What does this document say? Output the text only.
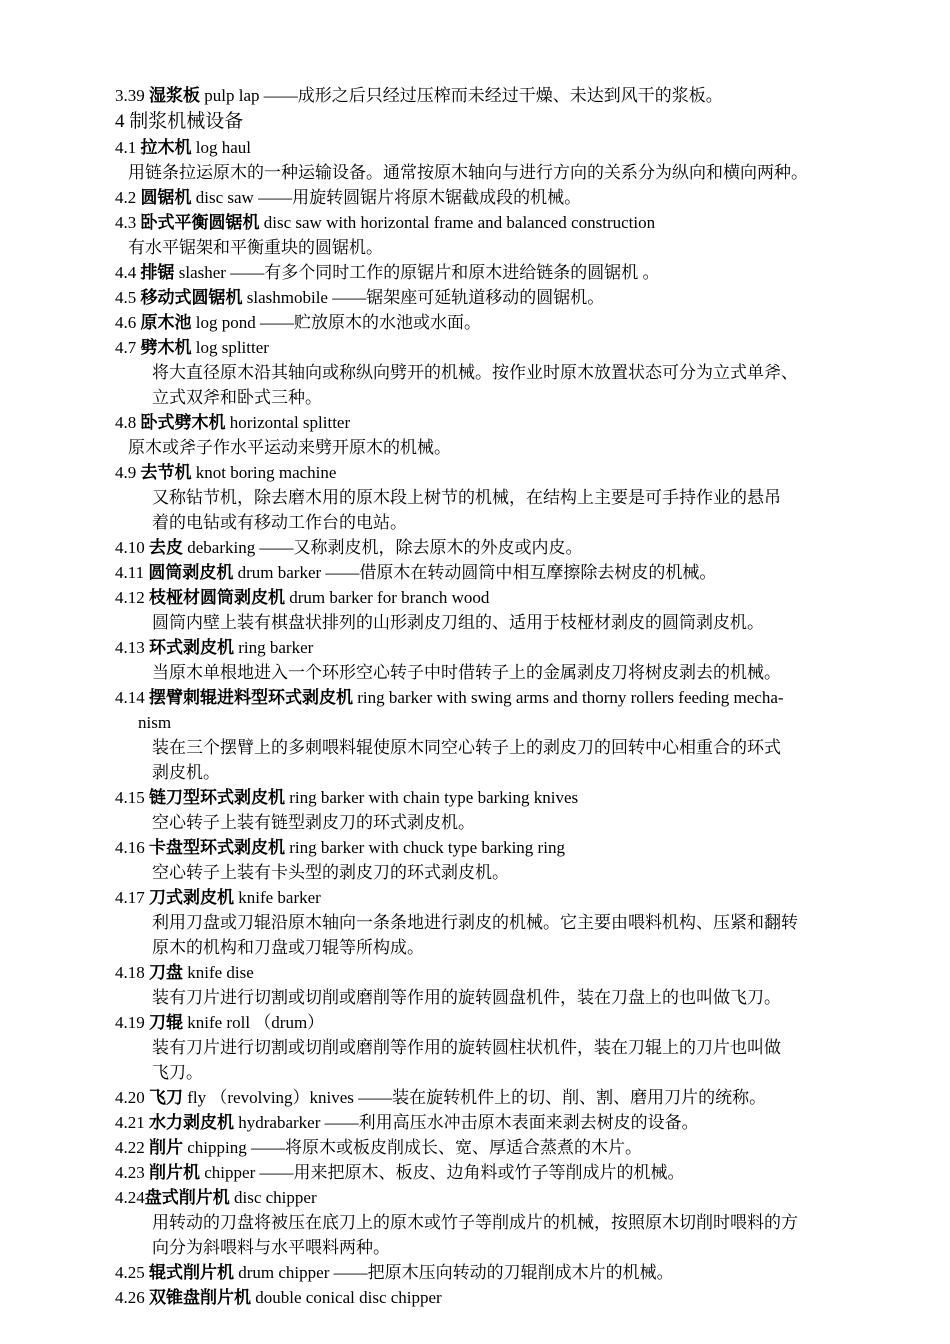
3.39 湿浆板 pulp lap ——成形之后只经过压榨而未经过干燥、未达到风干的浆板。
4 制浆机械设备
4.1 拉木机 log haul
用链条拉运原木的一种运输设备。通常按原木轴向与进行方向的关系分为纵向和横向两种。
4.2 圆锯机 disc saw ——用旋转圆锯片将原木锯截成段的机械。
4.3 卧式平衡圆锯机 disc saw with horizontal frame and balanced construction
有水平锯架和平衡重块的圆锯机。
4.4 排锯 slasher ——有多个同时工作的原锯片和原木进给链条的圆锯机 。
4.5 移动式圆锯机 slashmobile ——锯架座可延轨道移动的圆锯机。
4.6 原木池 log pond ——贮放原木的水池或水面。
4.7 劈木机 log splitter
将大直径原木沿其轴向或称纵向劈开的机械。按作业时原木放置状态可分为立式单斧、
立式双斧和卧式三种。
4.8 卧式劈木机 horizontal splitter
原木或斧子作水平运动来劈开原木的机械。
4.9 去节机 knot boring machine
又称钻节机，除去磨木用的原木段上树节的机械，在结构上主要是可手持作业的悬吊
着的电钻或有移动工作台的电站。
4.10 去皮 debarking ——又称剥皮机，除去原木的外皮或内皮。
4.11 圆筒剥皮机 drum barker ——借原木在转动圆筒中相互摩擦除去树皮的机械。
4.12 枝桠材圆筒剥皮机 drum barker for branch wood
圆筒内壁上装有棋盘状排列的山形剥皮刀组的、适用于枝桠材剥皮的圆筒剥皮机。
4.13 环式剥皮机 ring barker
当原木单根地进入一个环形空心转子中时借转子上的金属剥皮刀将树皮剥去的机械。
4.14 摆臂刺辊进料型环式剥皮机 ring barker with swing arms and thorny rollers feeding mecha-
nism
装在三个摆臂上的多刺喂料辊使原木同空心转子上的剥皮刀的回转中心相重合的环式
剥皮机。
4.15 链刀型环式剥皮机 ring barker with chain type barking knives
空心转子上装有链型剥皮刀的环式剥皮机。
4.16 卡盘型环式剥皮机 ring barker with chuck type barking ring
空心转子上装有卡头型的剥皮刀的环式剥皮机。
4.17 刀式剥皮机 knife barker
利用刀盘或刀辊沿原木轴向一条条地进行剥皮的机械。它主要由喂料机构、压紧和翻转
原木的机构和刀盘或刀辊等所构成。
4.18 刀盘 knife dise
装有刀片进行切割或切削或磨削等作用的旋转圆盘机件，装在刀盘上的也叫做飞刀。
4.19 刀辊 knife roll （drum）
装有刀片进行切割或切削或磨削等作用的旋转圆柱状机件，装在刀辊上的刀片也叫做
飞刀。
4.20 飞刀 fly （revolving）knives ——装在旋转机件上的切、削、割、磨用刀片的统称。
4.21 水力剥皮机 hydrabarker ——利用高压水冲击原木表面来剥去树皮的设备。
4.22 削片 chipping ——将原木或板皮削成长、宽、厚适合蒸煮的木片。
4.23 削片机 chipper ——用来把原木、板皮、边角料或竹子等削成片的机械。
4.24盘式削片机 disc chipper
用转动的刀盘将被压在底刀上的原木或竹子等削成片的机械，按照原木切削时喂料的方
向分为斜喂料与水平喂料两种。
4.25 辊式削片机 drum chipper ——把原木压向转动的刀辊削成木片的机械。
4.26 双锥盘削片机 double conical disc chipper
